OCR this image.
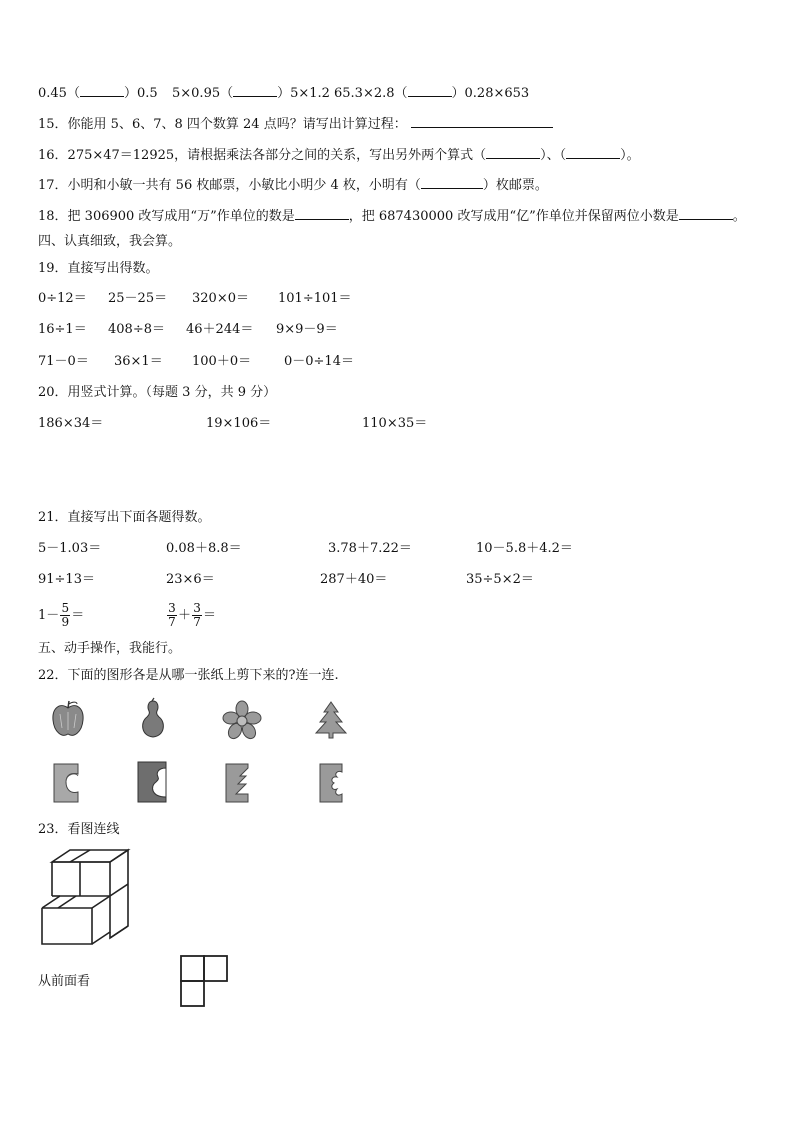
0.45（	）0.5 5×0.95（	）5×1.2 65.3×2.8（	）0.28×653
15．你能用 5、6、7、8 四个数算 24 点吗？请写出计算过程：
16．275×47＝12925，请根据乘法各部分之间的关系，写出另外两个算式（	）、（	）。
17．小明和小敏一共有 56 枚邮票，小敏比小明少 4 枚，小明有（	）枚邮票。
18．把 306900 改写成用“万”作单位的数是	，把 687430000 改写成用“亿”作单位并保留两位小数是	。
四、认真细致，我会算。
19．直接写出得数。
0÷12＝ 25－25＝ 320×0＝ 101÷101＝
16÷1＝ 408÷8＝ 46＋244＝ 9×9－9＝
71－0＝ 36×1＝ 100＋0＝	0－0÷14＝
20．用竖式计算。（每题 3 分，共 9 分）
186×34＝	19×106＝	110×35＝
21．直接写出下面各题得数。
5－1.03＝	0.08＋8.8＝	3.78＋7.22＝	10－5.8＋4.2＝
91÷13＝	23×6＝	287＋40＝	35÷5×2＝
$1- \frac{5}{9}$ ＝	$\frac{3}{7} + \frac{3}{7}$ ＝
五、动手操作，我能行。
22．下面的图形各是从哪一张纸上剪下来的?连一连.
23．看图连线
从前面看
